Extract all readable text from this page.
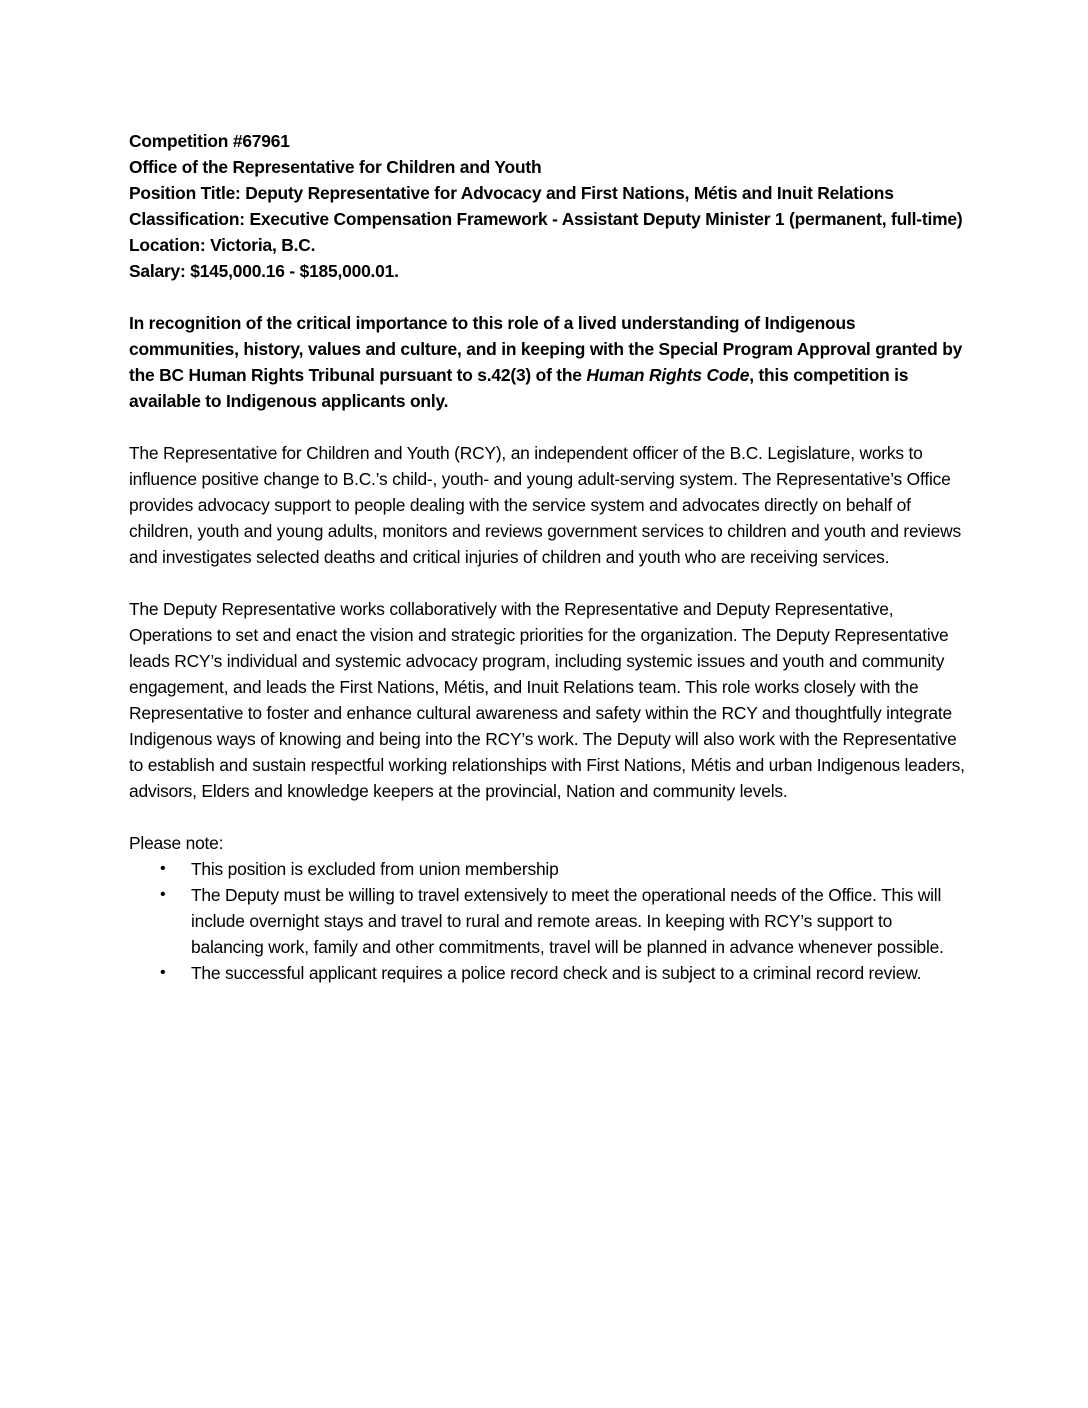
Competition #67961
Office of the Representative for Children and Youth
Position Title: Deputy Representative for Advocacy and First Nations, Métis and Inuit Relations
Classification: Executive Compensation Framework - Assistant Deputy Minister 1 (permanent, full-time)
Location: Victoria, B.C.
Salary: $145,000.16 - $185,000.01.

In recognition of the critical importance to this role of a lived understanding of Indigenous communities, history, values and culture, and in keeping with the Special Program Approval granted by the BC Human Rights Tribunal pursuant to s.42(3) of the Human Rights Code, this competition is available to Indigenous applicants only.

The Representative for Children and Youth (RCY), an independent officer of the B.C. Legislature, works to influence positive change to B.C.’s child-, youth- and young adult-serving system. The Representative’s Office provides advocacy support to people dealing with the service system and advocates directly on behalf of children, youth and young adults, monitors and reviews government services to children and youth and reviews and investigates selected deaths and critical injuries of children and youth who are receiving services.

The Deputy Representative works collaboratively with the Representative and Deputy Representative, Operations to set and enact the vision and strategic priorities for the organization. The Deputy Representative leads RCY’s individual and systemic advocacy program, including systemic issues and youth and community engagement, and leads the First Nations, Métis, and Inuit Relations team. This role works closely with the Representative to foster and enhance cultural awareness and safety within the RCY and thoughtfully integrate Indigenous ways of knowing and being into the RCY’s work. The Deputy will also work with the Representative to establish and sustain respectful working relationships with First Nations, Métis and urban Indigenous leaders, advisors, Elders and knowledge keepers at the provincial, Nation and community levels.

Please note:
• This position is excluded from union membership
• The Deputy must be willing to travel extensively to meet the operational needs of the Office. This will include overnight stays and travel to rural and remote areas. In keeping with RCY’s support to balancing work, family and other commitments, travel will be planned in advance whenever possible.
• The successful applicant requires a police record check and is subject to a criminal record review.
